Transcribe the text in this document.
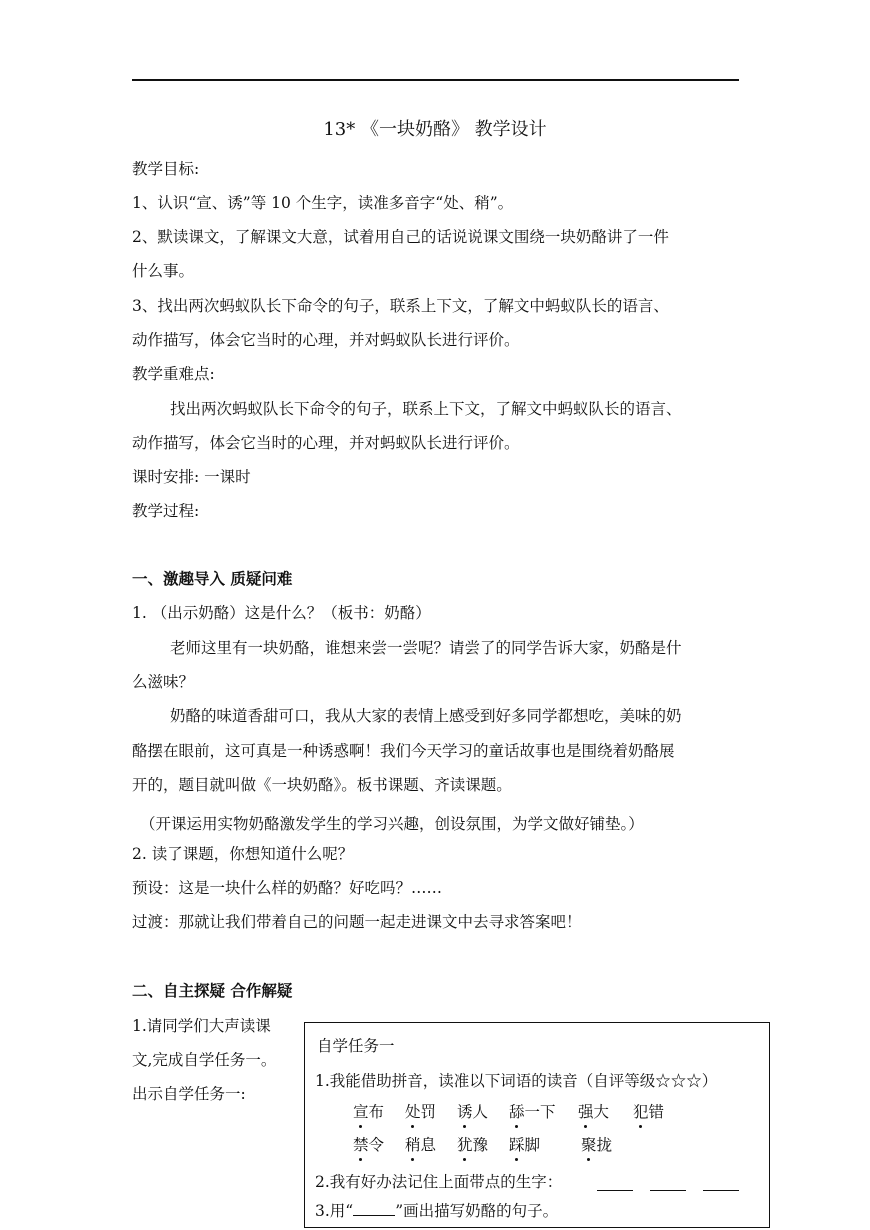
13* 《一块奶酪》 教学设计
教学目标:
1、认识“宣、诱”等 10 个生字，读准多音字“处、稍”。
2、默读课文，了解课文大意，试着用自己的话说说课文围绕一块奶酪讲了一件
什么事。
3、找出两次蚂蚁队长下命令的句子，联系上下文，了解文中蚂蚁队长的语言、
动作描写，体会它当时的心理，并对蚂蚁队长进行评价。
教学重难点:
找出两次蚂蚁队长下命令的句子，联系上下文，了解文中蚂蚁队长的语言、
动作描写，体会它当时的心理，并对蚂蚁队长进行评价。
课时安排: 一课时
教学过程:
一、激趣导入 质疑问难
1. （出示奶酪）这是什么？（板书：奶酪）
老师这里有一块奶酪，谁想来尝一尝呢？请尝了的同学告诉大家，奶酪是什
么滋味？
奶酪的味道香甜可口，我从大家的表情上感受到好多同学都想吃，美味的奶
酪摆在眼前，这可真是一种诱惑啊！我们今天学习的童话故事也是围绕着奶酪展
开的，题目就叫做《一块奶酪》。板书课题、齐读课题。
（开课运用实物奶酪激发学生的学习兴趣，创设氛围，为学文做好铺垫。）
2. 读了课题，你想知道什么呢？
预设：这是一块什么样的奶酪？好吃吗？……
过渡：那就让我们带着自己的问题一起走进课文中去寻求答案吧！
二、自主探疑 合作解疑
1.请同学们大声读课
文,完成自学任务一。
出示自学任务一:
自学任务一
1.我能借助拼音，读准以下词语的读音（自评等级☆☆☆）
宣布 处罚 诱人 舔一下 强大 犯错
禁令 稍息 犹豫 踩脚	聚拢
2.我有好办法记住上面带点的生字：
3.用“	”画出描写奶酪的句子。
